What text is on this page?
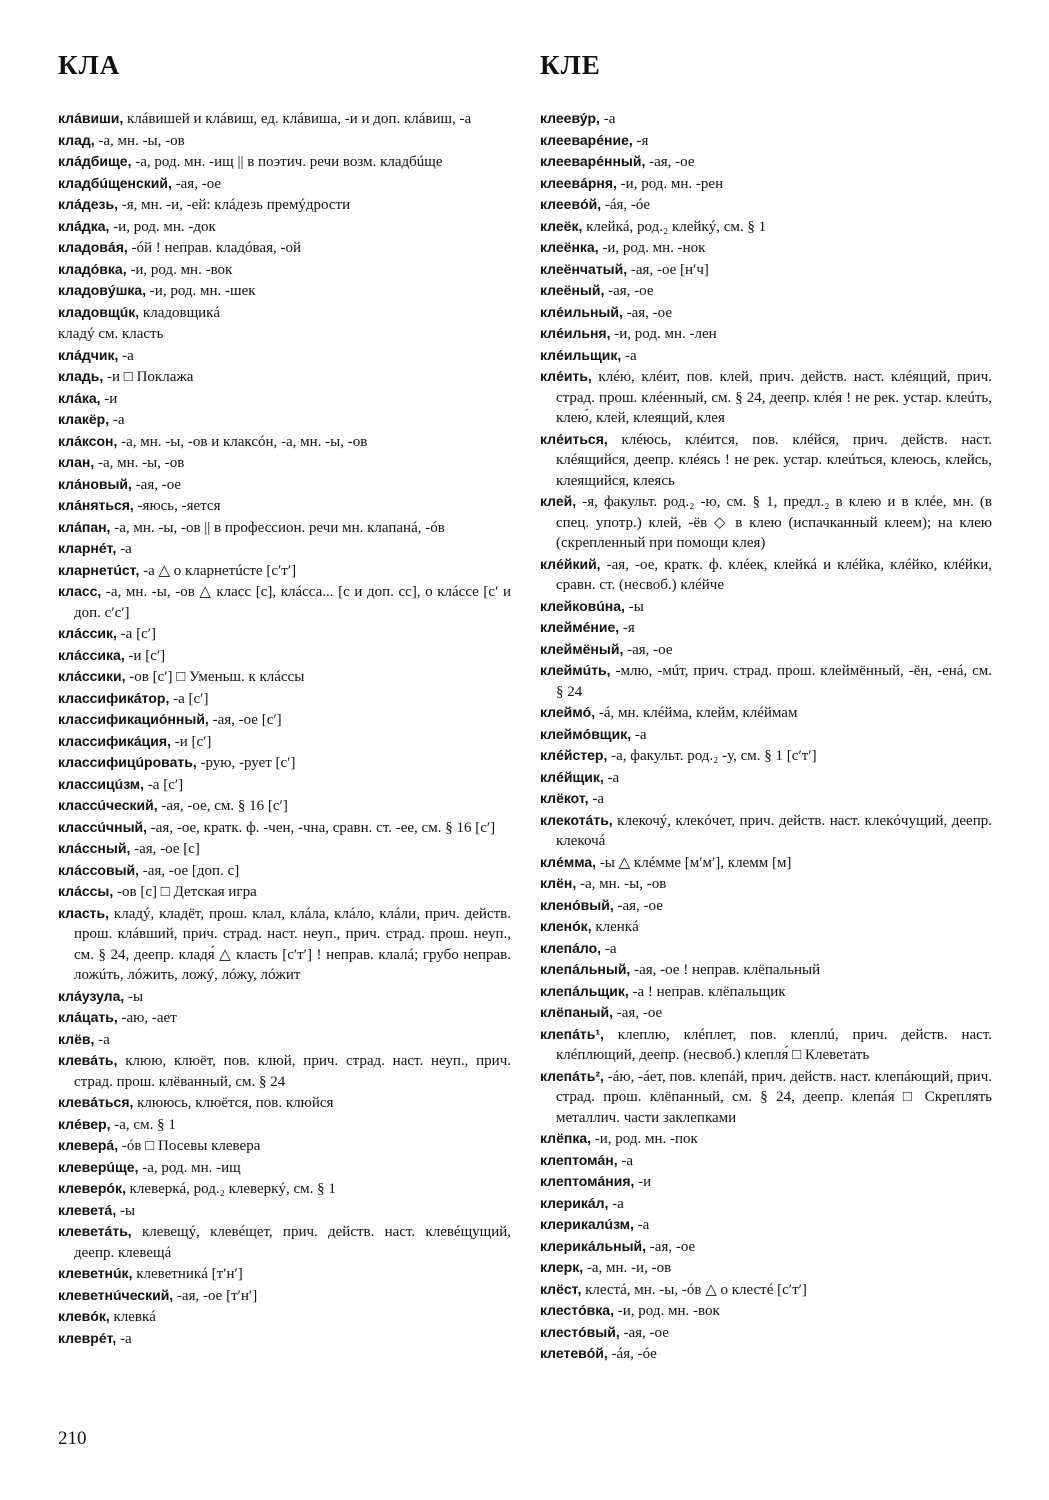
КЛА	КЛЕ

клáвиши, клáвишей и клáвиш, ед. клáвиша, -и и доп. клáвиш, -а

клад, -а, мн. -ы, -ов

клáдбище, -а, род. мн. -ищ || в поэтич. речи возм. кладбúще

кладбúщенский, -ая, -ое

клáдезь, -я, мн. -и, -ей: клáдезь премýдрости

клáдка, -и, род. мн. -док

кладовáя, -óй ! неправ. кладóвая, -ой

кладóвка, -и, род. мн. -вок

кладовýшка, -и, род. мн. -шек

кладовщúк, кладовщикá

кладý см. класть

клáдчик, -а

кладь, -и □ Поклажа

клáка, -и

клакёр, -а

клáксон, -а, мн. -ы, -ов и клаксóн, -а, мн. -ы, -ов

клан, -а, мн. -ы, -ов

клáновый, -ая, -ое

клáняться, -яюсь, -яется

клáпан, -а, мн. -ы, -ов || в профессион. речи мн. клапанá, -óв

кларнéт, -а

кларнетúст, -а △ о кларнетúсте [сʹтʹ]

класс, -а, мн. -ы, -ов △ класс [с], клáсса... [с и доп. сс], о клáссе [сʹ и доп. сʹсʹ]

клáссик, -а [сʹ]

клáссика, -и [сʹ]

клáссики, -ов [сʹ] □ Уменьш. к клáссы

классификáтор, -а [сʹ]

классификациóнный, -ая, -ое [сʹ]

классификáция, -и [сʹ]

классифицúровать, -рую, -рует [сʹ]

классицúзм, -а [сʹ]

классúческий, -ая, -ое, см. § 16 [сʹ]

классúчный, -ая, -ое, кратк. ф. -чен, -чна, сравн. ст. -ее, см. § 16 [сʹ]

клáссный, -ая, -ое [с]

клáссовый, -ая, -ое [доп. с]

клáссы, -ов [с] □ Детская игра

класть, кладý, кладёт, прош. клал, клáла, клáло, клáли, прич. действ. прош. клáвший, прич. страд. наст. неуп., прич. страд. прош. неуп., см. § 24, деепр. кладя́ △ класть [сʹтʹ] ! неправ. клалá; грубо неправ. ложúть, лóжить, ложý, лóжу, лóжит

клáузула, -ы

клáцать, -аю, -ает

клёв, -а

клевáть, клюю, клюёт, пов. клюй, прич. страд. наст. неуп., прич. страд. прош. клёванный, см. § 24

клевáться, клююсь, клюётся, пов. клюйся

клéвер, -а, см. § 1

клеверá, -óв □ Посевы клевера

клеверúще, -а, род. мн. -ищ

клеверóк, клеверкá, род.₂ клеверкý, см. § 1

клеветá, -ы

клеветáть, клевещý, клевéщет, прич. действ. наст. клевéщущий, деепр. клевещá

клеветнúк, клеветникá [тʹнʹ]

клеветнúческий, -ая, -ое [тʹнʹ]

клевóк, клевкá

клеврéт, -а

клееву́р, -а

клееварéние, -я

клееварéнный, -ая, -ое

клеевáрня, -и, род. мн. -рен

клеевóй, -áя, -óе

клеёк, клейкá, род.₂ клейкý, см. § 1

клеёнка, -и, род. мн. -нок

клеёнчатый, -ая, -ое [нʹч]

клеёный, -ая, -ое

клéильный, -ая, -ое

клéильня, -и, род. мн. -лен

клéильщик, -а

клéить, клéю, клéит, пов. клей, прич. действ. наст. клéящий, прич. страд. прош. клéенный, см. § 24, деепр. клéя ! не рек. устар. клеúть, клею́, клей, клеящий, клея

клéиться, клéюсь, клéится, пов. клéйся, прич. действ. наст. клéящийся, деепр. клéясь ! не рек. устар. клеúться, клеюсь, клейсь, клеящийся, клеясь

клей, -я, факульт. род.₂ -ю, см. § 1, предл.₂ в клею и в клéе, мн. (в спец. употр.) клей, -ёв ◇ в клею (испачканный клеем); на клею (скрепленный при помощи клея)

клéйкий, -ая, -ое, кратк. ф. клéек, клейкá и клéйка, клéйко, клéйки, сравн. ст. (несвоб.) клéйче

клейковúна, -ы

клеймéние, -я

клеймёный, -ая, -ое

клеймúть, -млю, -мúт, прич. страд. прош. клеймённый, -ён, -енá, см. § 24

клеймó, -á, мн. клéйма, клейм, клéймам

клеймóвщик, -а

клéйстер, -а, факульт. род.₂ -у, см. § 1 [сʹтʹ]

клéйщик, -а

клёкот, -а

клекотáть, клекочý, клекóчет, прич. действ. наст. клекóчущий, деепр. клекочá

клéмма, -ы △ клéмме [мʹмʹ], клемм [м]

клён, -а, мн. -ы, -ов

кленóвый, -ая, -ое

кленóк, кленкá

клепáло, -а

клепáльный, -ая, -ое ! неправ. клёпальный

клепáльщик, -а ! неправ. клёпальщик

клёпаный, -ая, -ое

клепáть¹, клеплю, клéплет, пов. клеплú, прич. действ. наст. клéплющий, деепр. (несвоб.) клепля́ □ Клеветать

клепáть², -áю, -áет, пов. клепáй, прич. действ. наст. клепáющий, прич. страд. прош. клёпанный, см. § 24, деепр. клепáя □ Скреплять металлич. части заклепками

клёпка, -и, род. мн. -пок

клептомáн, -а

клептомáния, -и

клерикáл, -а

клерикалúзм, -а

клерикáльный, -ая, -ое

клерк, -а, мн. -и, -ов

клёст, клестá, мн. -ы, -óв △ о клестé [сʹтʹ]

клестóвка, -и, род. мн. -вок

клестóвый, -ая, -ое

клетевóй, -áя, -óе

210
